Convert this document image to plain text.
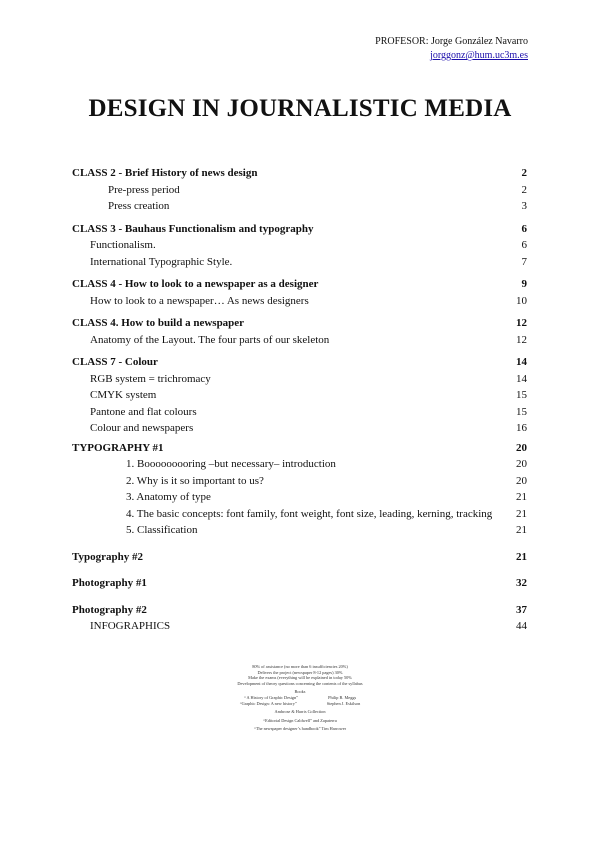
PROFESOR: Jorge González Navarro
jorggonz@hum.uc3m.es
DESIGN IN JOURNALISTIC MEDIA
CLASS 2 - Brief History of news design	2
Pre-press period	2
Press creation	3
CLASS 3 - Bauhaus Functionalism and typography	6
Functionalism.	6
International Typographic Style.	7
CLASS 4 - How to look to a newspaper as a designer	9
How to look to a newspaper… As news designers	10
CLASS 4. How to build a newspaper	12
Anatomy of the Layout. The four parts of our skeleton	12
CLASS 7 - Colour	14
RGB system = trichromacy	14
CMYK system	15
Pantone and flat colours	15
Colour and newspapers	16
TYPOGRAPHY #1	20
1. Booooooooring –but necessary– introduction	20
2. Why is it so important to us?	20
3. Anatomy of type	21
4. The basic concepts: font family, font weight, font size, leading, kerning, tracking 21
5. Classification	21
Typography #2	21
Photography #1	32
Photography #2	37
INFOGRAPHICS	44
80% of assistance (no more than 6 insufficiencies 20%)
Delivers the project (newspaper 8-12 pages) 30%
Make the exams (everything will be explained in today 50%
Development of theory questions concerning the contents of the syllabus
Books
“ A History of Graphic Design”	Philip B. Meggs
“Graphic Design: A new history”	Stephen J. Eskilson
Ambrose & Harris Collection
“Editorial Design Caldwell” and Zapaterra
“The newspaper designer’s handbook” Tim Harrower
